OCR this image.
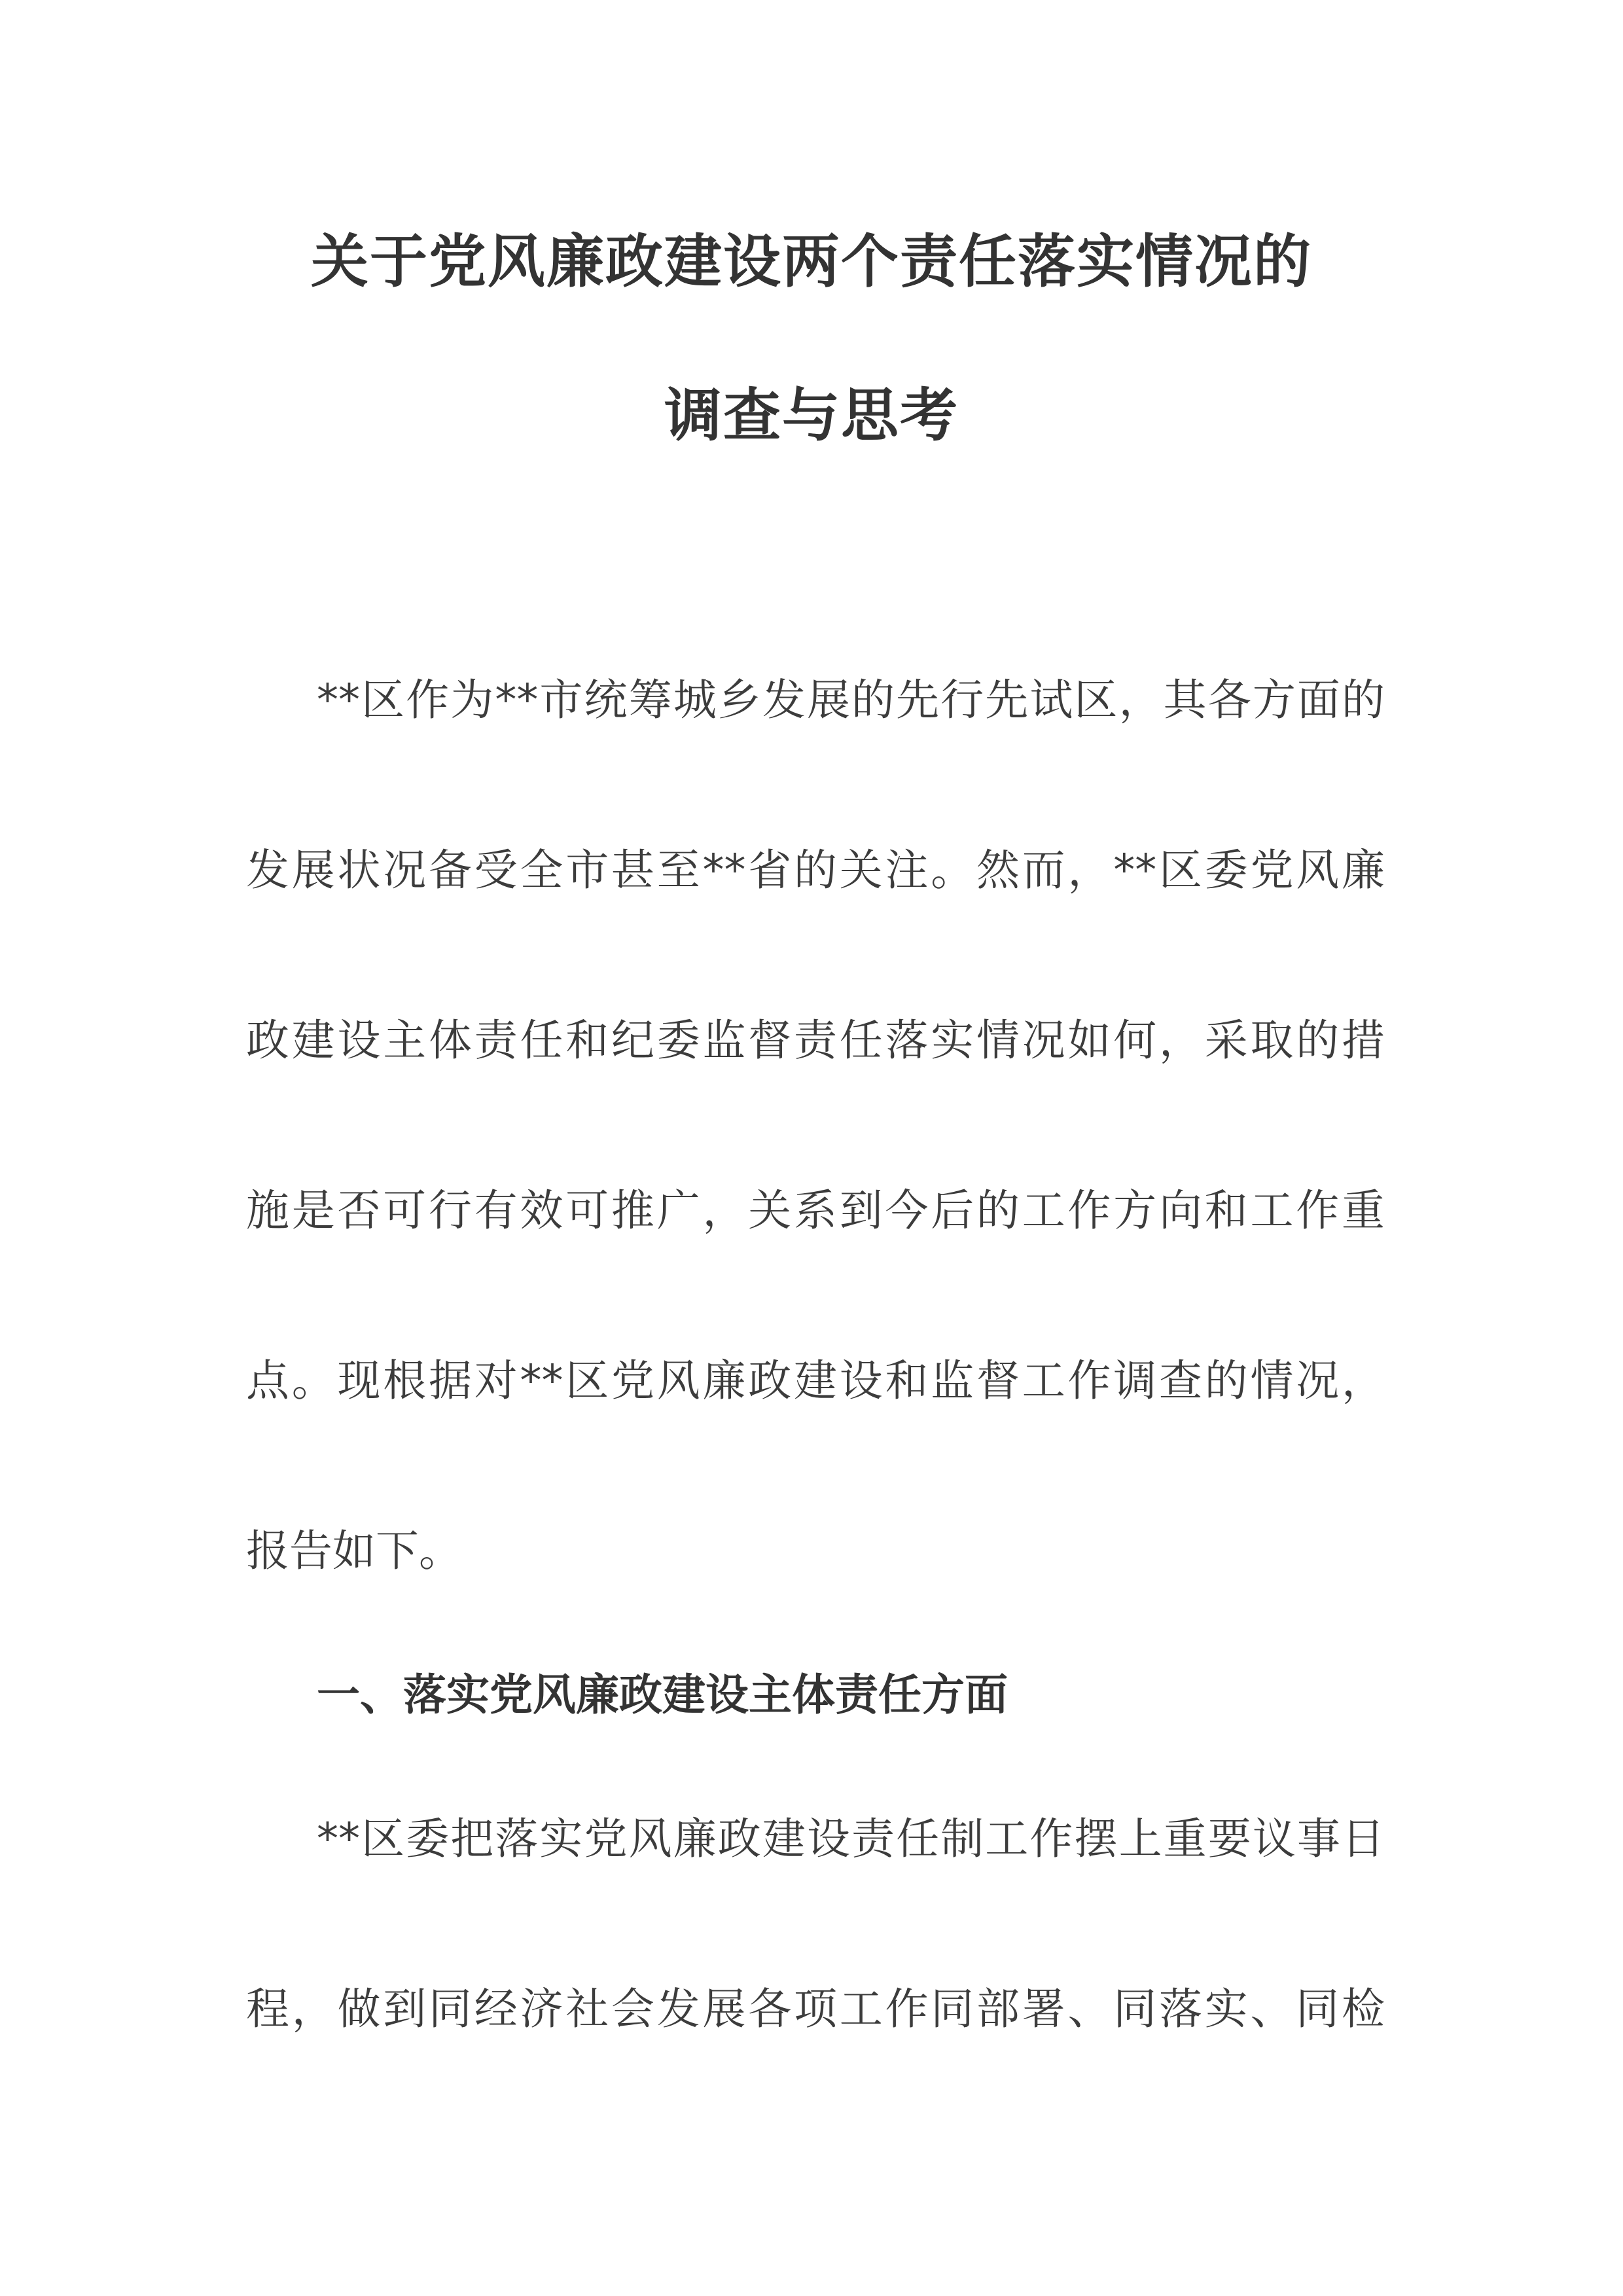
关于党风廉政建设两个责任落实情况的
调查与思考
**区作为**市统筹城乡发展的先行先试区，其各方面的
发展状况备受全市甚至**省的关注。然而，**区委党风廉
政建设主体责任和纪委监督责任落实情况如何，采取的措
施是否可行有效可推广，关系到今后的工作方向和工作重
点。现根据对**区党风廉政建设和监督工作调查的情况，
报告如下。
一、落实党风廉政建设主体责任方面
**区委把落实党风廉政建设责任制工作摆上重要议事日
程，做到同经济社会发展各项工作同部署、同落实、同检
